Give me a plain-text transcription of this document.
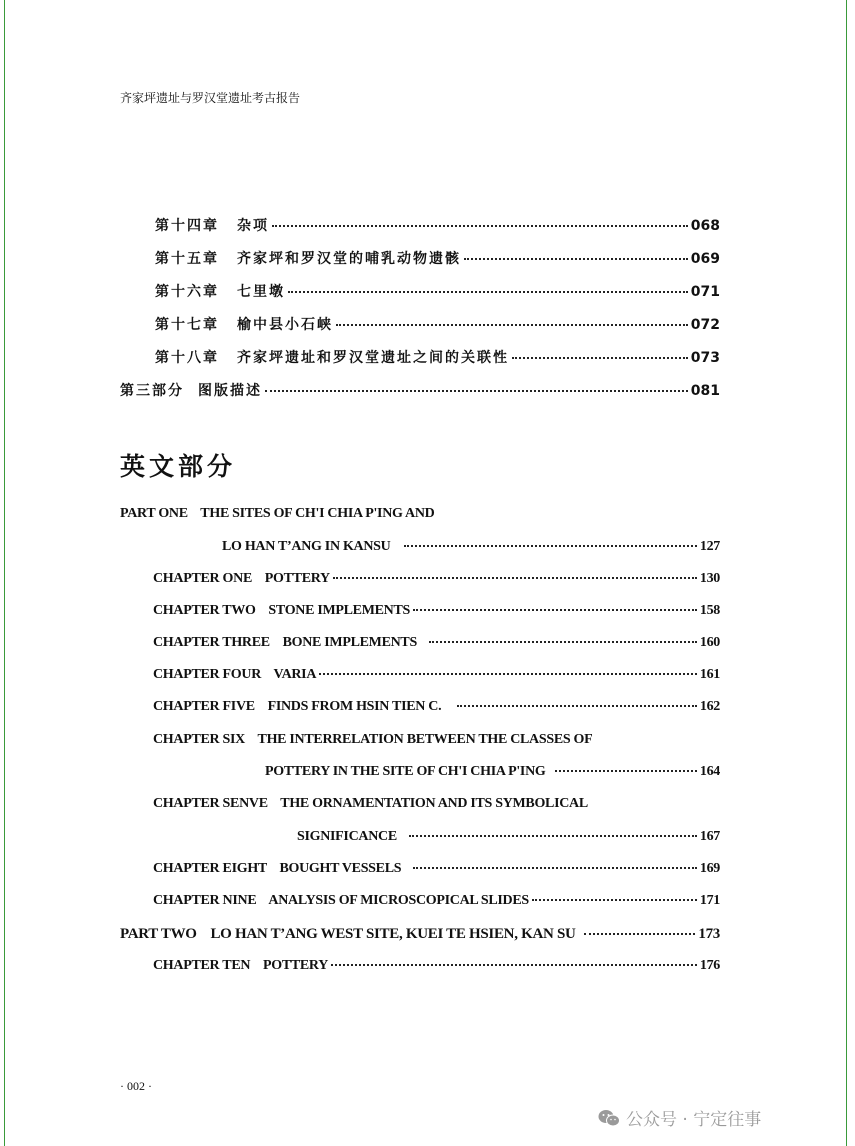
齐家坪遗址与罗汉堂遗址考古报告
第十四章 杂项	068
第十五章 齐家坪和罗汉堂的哺乳动物遗骸	069
第十六章 七里墩	071
第十七章 榆中县小石峡	072
第十八章 齐家坪遗址和罗汉堂遗址之间的关联性	073
第三部分 图版描述	081
英文部分
PART ONE    THE SITES OF CH'I CHIA P'ING AND
LO HAN T’ANG IN KANSU	127
CHAPTER ONE    POTTERY	130
CHAPTER TWO    STONE IMPLEMENTS	158
CHAPTER THREE    BONE IMPLEMENTS	160
CHAPTER FOUR    VARIA	161
CHAPTER FIVE    FINDS FROM HSIN TIEN C.	162
CHAPTER SIX    THE INTERRELATION BETWEEN THE CLASSES OF
POTTERY IN THE SITE OF CH'I CHIA P'ING	164
CHAPTER SENVE    THE ORNAMENTATION AND ITS SYMBOLICAL
SIGNIFICANCE	167
CHAPTER EIGHT    BOUGHT VESSELS	169
CHAPTER NINE    ANALYSIS OF MICROSCOPICAL SLIDES	171
PART TWO    LO HAN T’ANG WEST SITE, KUEI TE HSIEN, KAN SU	173
CHAPTER TEN    POTTERY	176
· 002 ·
公众号 · 宁定往事
